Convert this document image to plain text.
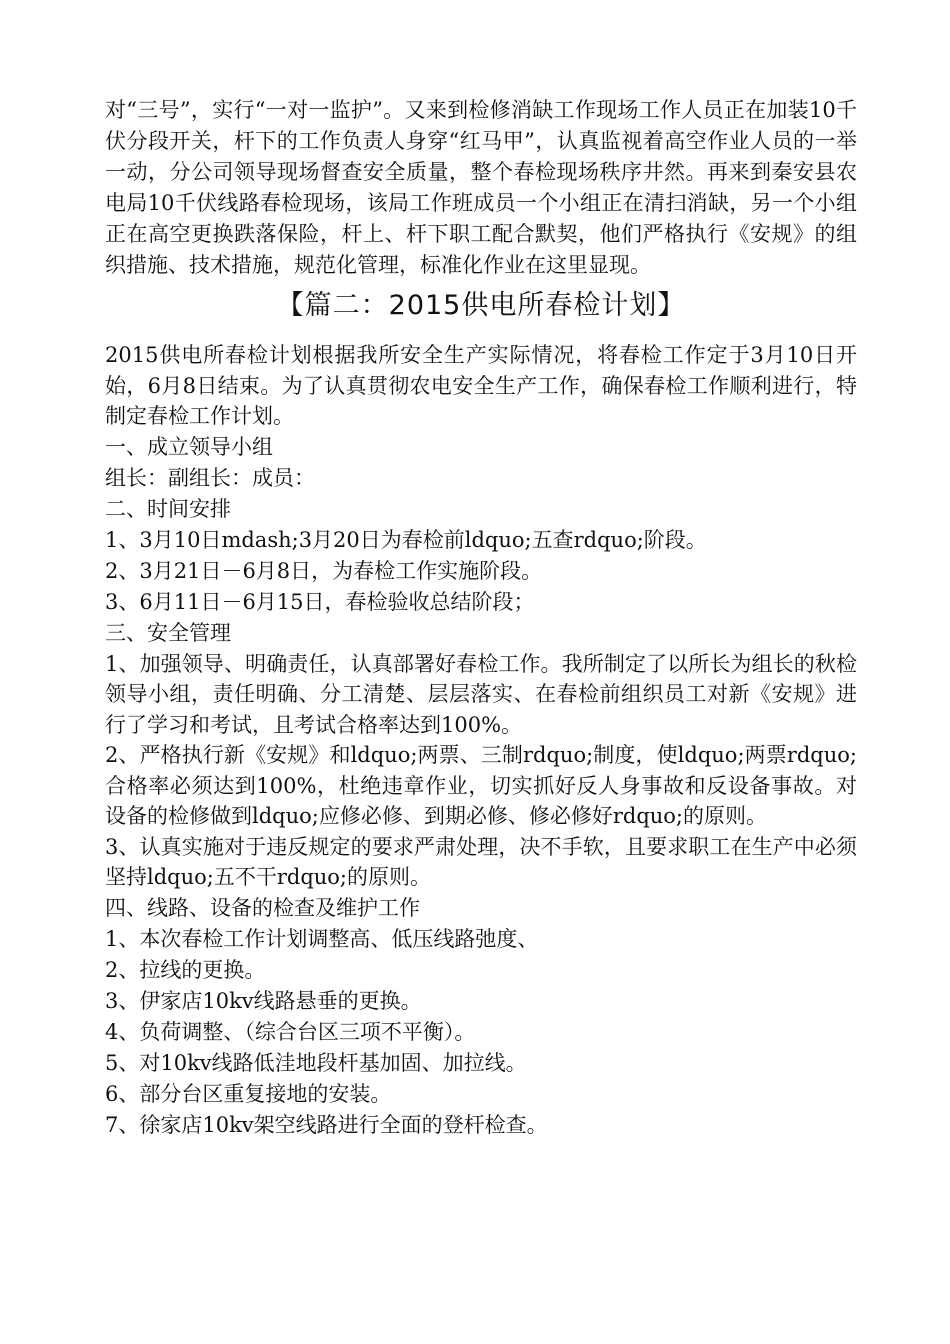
对“三号”，实行“一对一监护”。又来到检修消缺工作现场工作人员正在加装10千伏分段开关，杆下的工作负责人身穿“红马甲”，认真监视着高空作业人员的一举一动，分公司领导现场督查安全质量，整个春检现场秩序井然。再来到秦安县农电局10千伏线路春检现场，该局工作班成员一个小组正在清扫消缺，另一个小组正在高空更换跌落保险，杆上、杆下职工配合默契，他们严格执行《安规》的组织措施、技术措施，规范化管理，标准化作业在这里显现。

【篇二：2015供电所春检计划】

2015供电所春检计划根据我所安全生产实际情况，将春检工作定于3月10日开始，6月8日结束。为了认真贯彻农电安全生产工作，确保春检工作顺利进行，特制定春检工作计划。

一、成立领导小组

组长：副组长：成员：

二、时间安排

1、3月10日mdash;3月20日为春检前ldquo;五查rdquo;阶段。

2、3月21日－6月8日，为春检工作实施阶段。

3、6月11日－6月15日，春检验收总结阶段；

三、安全管理

1、加强领导、明确责任，认真部署好春检工作。我所制定了以所长为组长的秋检领导小组，责任明确、分工清楚、层层落实、在春检前组织员工对新《安规》进行了学习和考试，且考试合格率达到100%。

2、严格执行新《安规》和ldquo;两票、三制rdquo;制度，使ldquo;两票rdquo;合格率必须达到100%，杜绝违章作业，切实抓好反人身事故和反设备事故。对设备的检修做到ldquo;应修必修、到期必修、修必修好rdquo;的原则。

3、认真实施对于违反规定的要求严肃处理，决不手软，且要求职工在生产中必须坚持ldquo;五不干rdquo;的原则。

四、线路、设备的检查及维护工作

1、本次春检工作计划调整高、低压线路弛度、

2、拉线的更换。

3、伊家店10kv线路悬垂的更换。

4、负荷调整、（综合台区三项不平衡）。

5、对10kv线路低洼地段杆基加固、加拉线。

6、部分台区重复接地的安装。

7、徐家店10kv架空线路进行全面的登杆检查。
